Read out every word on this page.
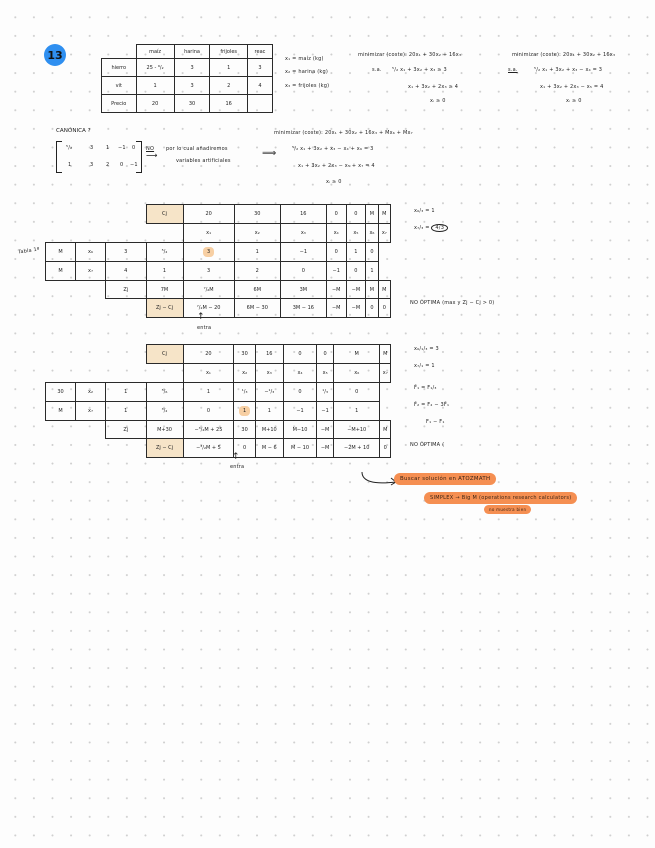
13
		maíz	harina	frijoles	reac
hierro	25 - ⁹/₂	3	1	3
vit	1	3	2	4
Precio	20	30	16	
x₁ = maíz (kg)
x₂ = harina (kg)
x₃ = frijoles (kg)
minimizar (coste): 20x₁ + 30x₂ + 16x₃
s.a. ⁵/₂ x₁ + 3x₂ + x₃ ≥ 3
x₁ + 3x₂ + 2x₃ ≥ 4
xᵢ ≥ 0
minimizar (coste): 20x₁ + 30x₂ + 16x₃
s.a.	⁵/₂ x₁ + 3x₂ + x₃ − x₄ = 3
x₁ + 3x₂ + 2x₃ − x₅ = 4
xᵢ ≥ 0
CANÓNICA ?
⁵/₂	3	1 −1 0
1	3	2 0 −1
NO
⟶
por lo cual añadiremos
variables artificiales
⟹
minimizar (coste): 20x₁ + 30x₂ + 16x₃ + Mx₆ + Mx₇
⁵/₂ x₁ + 3x₂ + x₃ − x₄ + x₆ = 3
x₁ + 3x₂ + 2x₃ − x₅ + x₇ = 4
xᵢ ≥ 0
Tabla 1ª
			Cj	20	30	16	0	0	M	M
				x₁	x₂	x₃	x₄	x₅	x₆	x₇
M	x₆	3	⁵/₂	3	1	−1	0	1	0	
M	x₇	4	1	3	2	0	−1	0	1	
		Zj	7M	⁷/₂M	6M	3M	−M	−M	M	M
			Zj − Cj	⁷/₂M − 20	6M − 30	3M − 16	−M	−M	0	0
x₆/₃ = 1
x₇/₃ = 4/3
NO ÓPTIMA (max y Zj − Cj > 0)
↑
entra
			Cj	20	30	16	0	0	M	M
				x₁	x₂	x₃	x₄	x₅	x₆	x₇
30	x₂	1	⁵/₆	1	¹/₃	−¹/₃	0	¹/₃	0	
M	x₇	1	³/₂	0	1	1	−1	−1	1	
		Zj	M+30	−³/₂M + 25	30	M+10	M−10	−M	−M+10	M
			Zj − Cj	−³/₂M + 5	0	M − 6	M − 10	−M	−2M + 10	0
x₆/₁/₃ = 3
x₇/₁ = 1
F̃₁ = F₁/₃
F̃₂ = F₂ − 3F̃₁
F₁ − F₁
NO ÓPTIMA (
↑
entra
Buscar solución en ATOZMATH
SIMPLEX → Big M (operations research calculators)
no muestra bien
